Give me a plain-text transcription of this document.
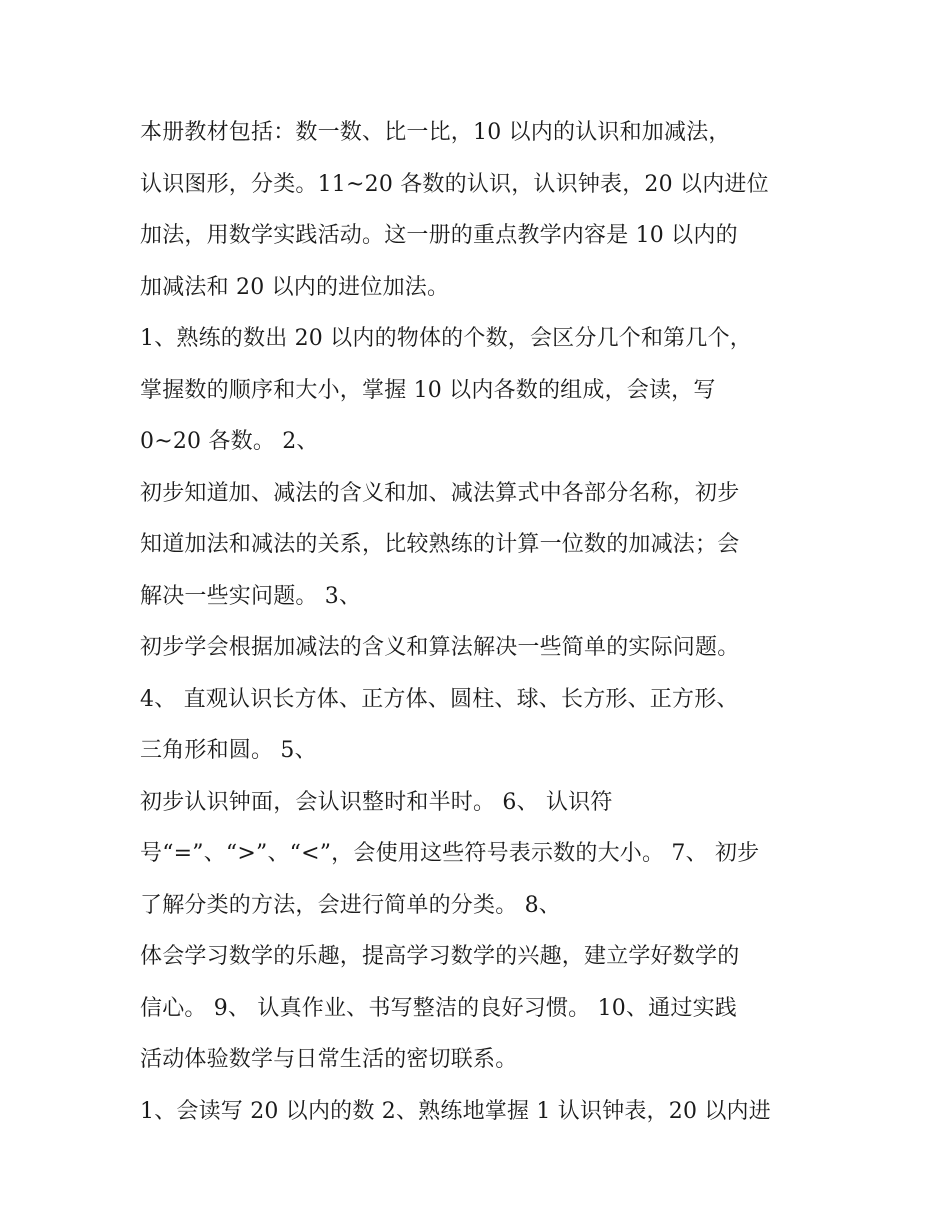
本册教材包括：数一数、比一比，10 以内的认识和加减法，
认识图形，分类。11~20 各数的认识，认识钟表，20 以内进位
加法，用数学实践活动。这一册的重点教学内容是 10 以内的
加减法和 20 以内的进位加法。
1、熟练的数出 20 以内的物体的个数，会区分几个和第几个，
掌握数的顺序和大小，掌握 10 以内各数的组成，会读，写
0~20 各数。 2、
初步知道加、减法的含义和加、减法算式中各部分名称，初步
知道加法和减法的关系，比较熟练的计算一位数的加减法；会
解决一些实问题。 3、
初步学会根据加减法的含义和算法解决一些简单的实际问题。
4、 直观认识长方体、正方体、圆柱、球、长方形、正方形、
三角形和圆。 5、
初步认识钟面，会认识整时和半时。 6、 认识符
号“=”、“>”、“<”，会使用这些符号表示数的大小。 7、 初步
了解分类的方法，会进行简单的分类。 8、
体会学习数学的乐趣，提高学习数学的兴趣，建立学好数学的
信心。 9、 认真作业、书写整洁的良好习惯。 10、通过实践
活动体验数学与日常生活的密切联系。
1、会读写 20 以内的数 2、熟练地掌握 1 认识钟表，20 以内进
